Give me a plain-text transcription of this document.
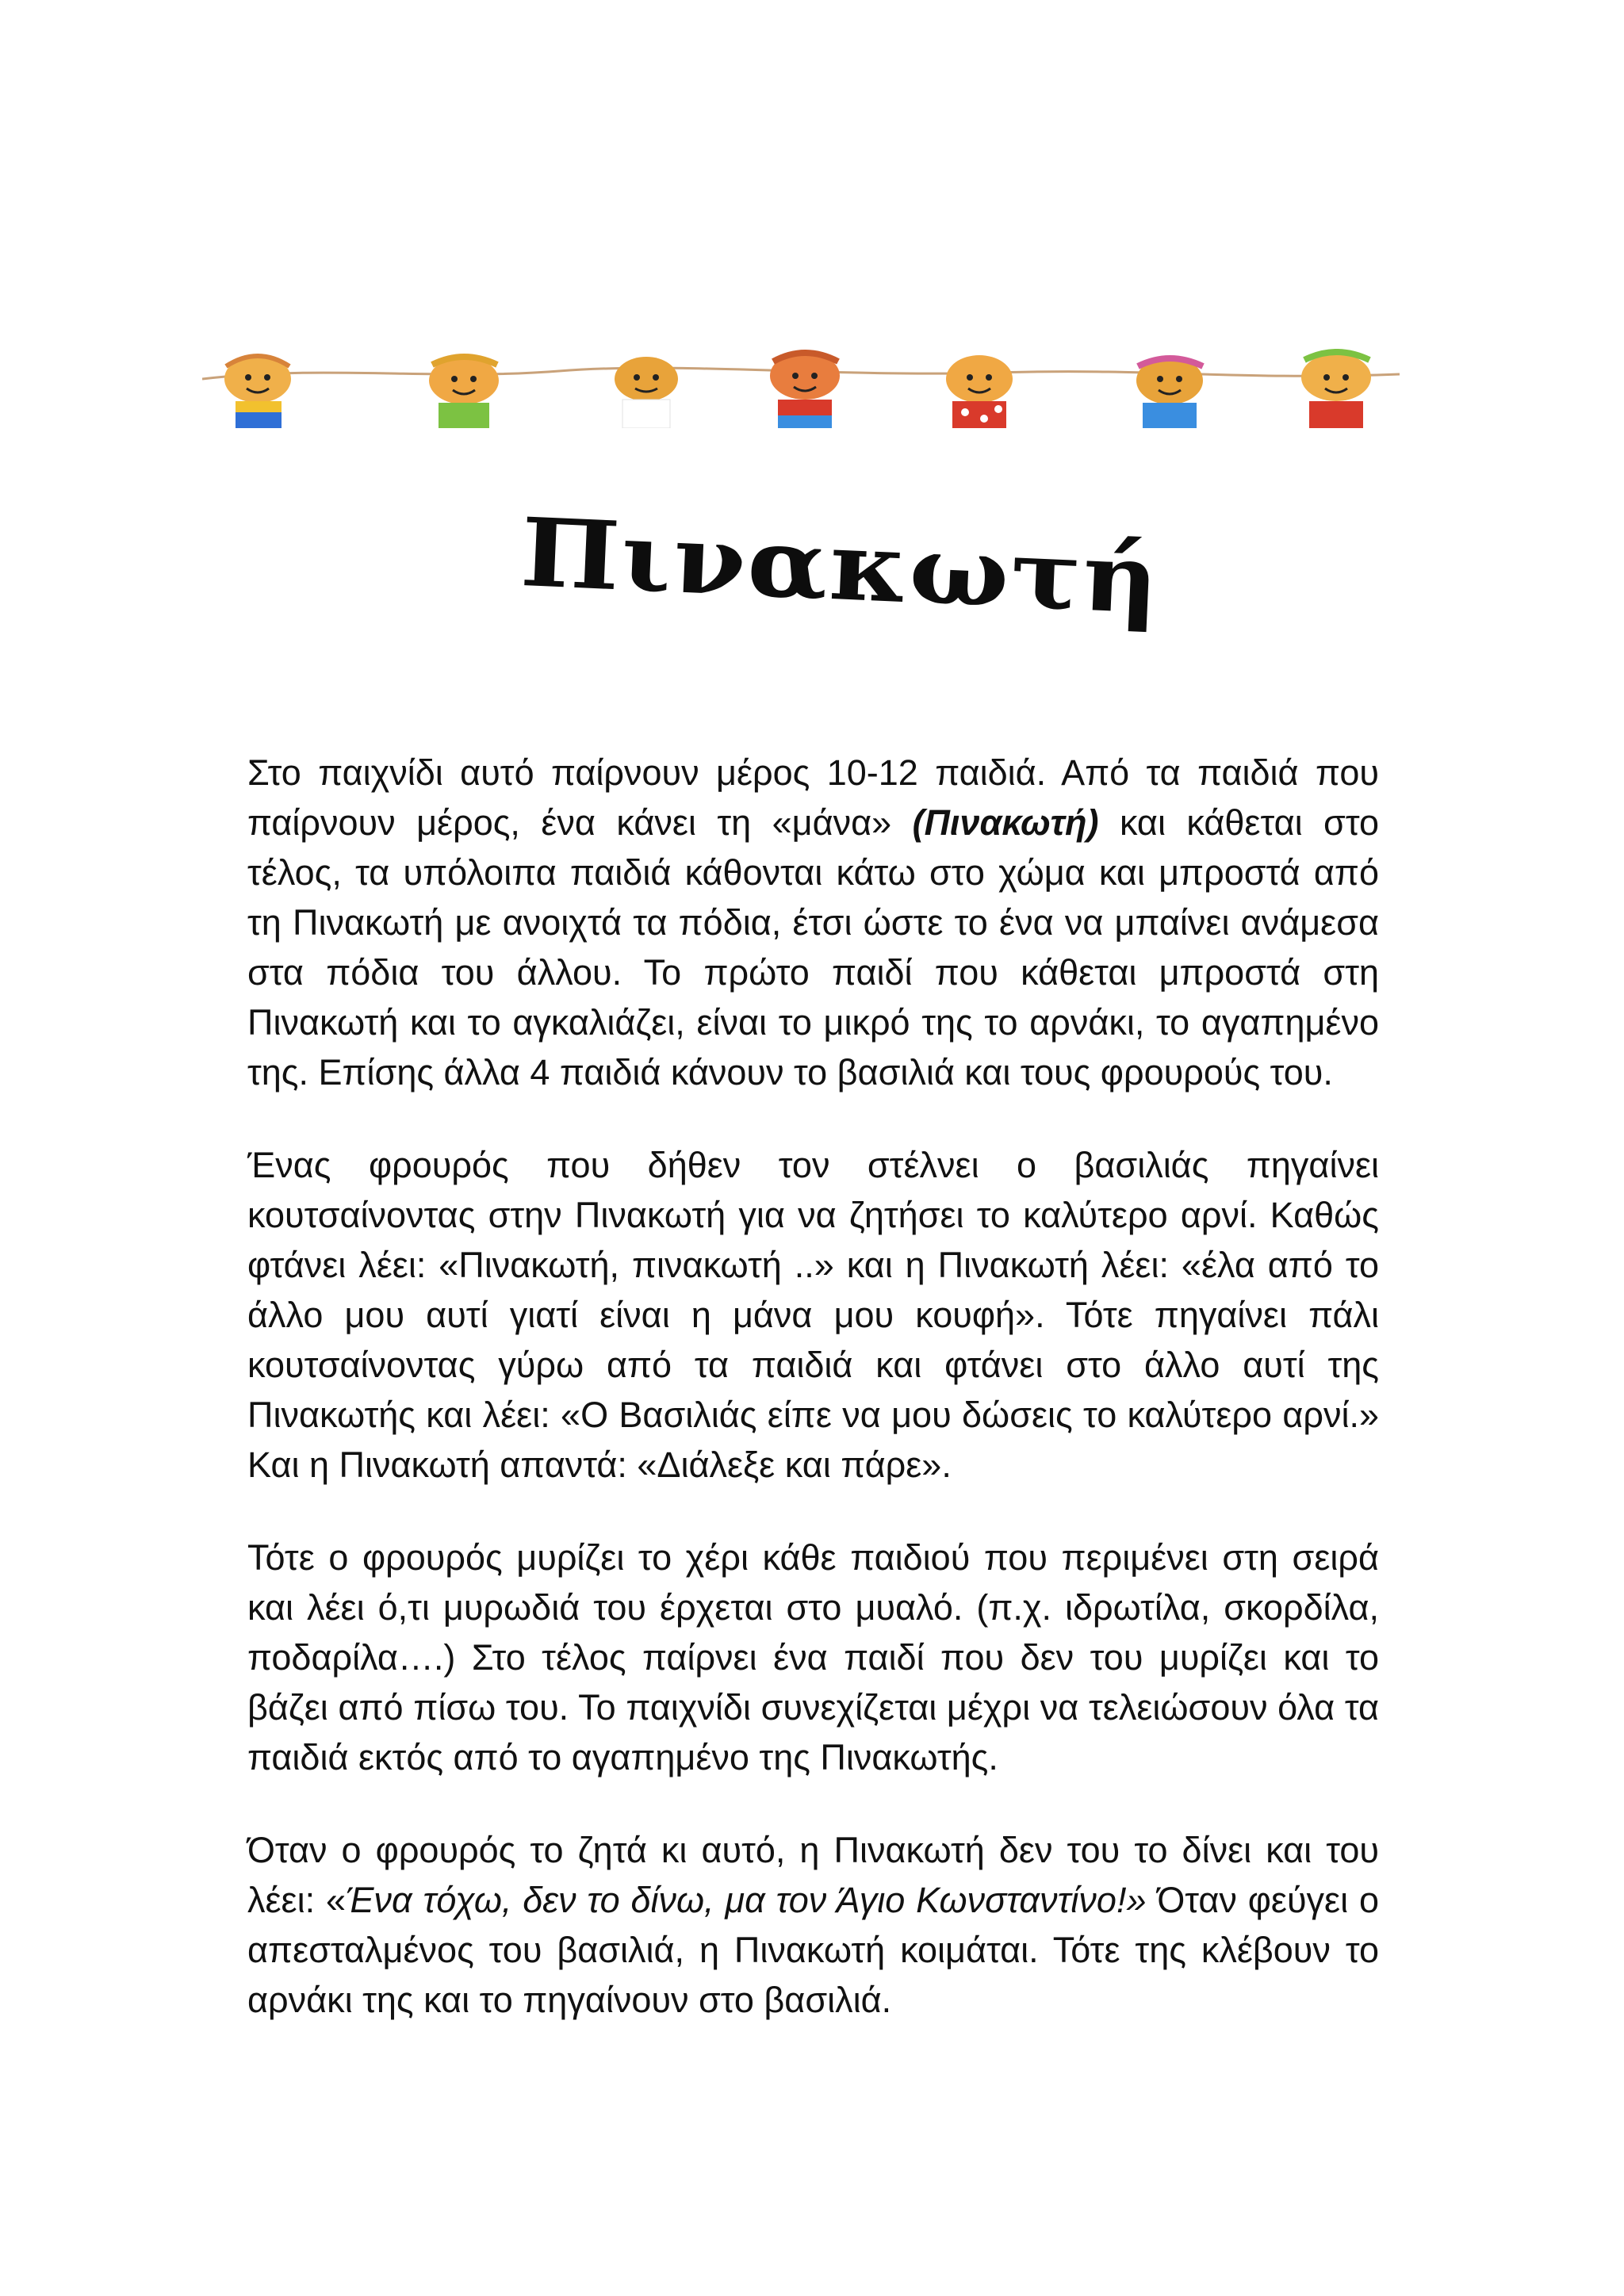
Πινακωτή

Στο παιχνίδι αυτό παίρνουν μέρος 10-12 παιδιά. Από τα παιδιά που παίρνουν μέρος, ένα κάνει τη «μάνα» (Πινακωτή) και κάθεται στο τέλος, τα υπόλοιπα παιδιά κάθονται κάτω στο χώμα και μπροστά από τη Πινακωτή με ανοιχτά τα πόδια, έτσι ώστε το ένα να μπαίνει ανάμεσα στα πόδια του άλλου. Το πρώτο παιδί που κάθεται μπροστά στη Πινακωτή και το αγκαλιάζει, είναι το μικρό της το αρνάκι, το αγαπημένο της. Επίσης άλλα 4 παιδιά κάνουν το βασιλιά και τους φρουρούς του.

Ένας φρουρός που δήθεν τον στέλνει ο βασιλιάς πηγαίνει κουτσαίνοντας στην Πινακωτή για να ζητήσει το καλύτερο αρνί. Καθώς φτάνει λέει: «Πινακωτή, πινακωτή ..» και η Πινακωτή λέει: «έλα από το άλλο μου αυτί γιατί είναι η μάνα μου κουφή». Τότε πηγαίνει πάλι κουτσαίνοντας γύρω από τα παιδιά και φτάνει στο άλλο αυτί της Πινακωτής και λέει: «Ο Βασιλιάς είπε να μου δώσεις το καλύτερο αρνί.» Και η Πινακωτή απαντά: «Διάλεξε και πάρε».

Τότε ο φρουρός μυρίζει το χέρι κάθε παιδιού που περιμένει στη σειρά και λέει ό,τι μυρωδιά του έρχεται στο μυαλό. (π.χ. ιδρωτίλα, σκορδίλα, ποδαρίλα….) Στο τέλος παίρνει ένα παιδί που δεν του μυρίζει και το βάζει από πίσω του. Το παιχνίδι συνεχίζεται μέχρι να τελειώσουν όλα τα παιδιά εκτός από το αγαπημένο της Πινακωτής.

Όταν ο φρουρός το ζητά κι αυτό, η Πινακωτή δεν του το δίνει και του λέει: «Ένα τόχω, δεν το δίνω, μα τον Άγιο Κωνσταντίνο!» Όταν φεύγει ο απεσταλμένος του βασιλιά, η Πινακωτή κοιμάται. Τότε της κλέβουν το αρνάκι της και το πηγαίνουν στο βασιλιά.
